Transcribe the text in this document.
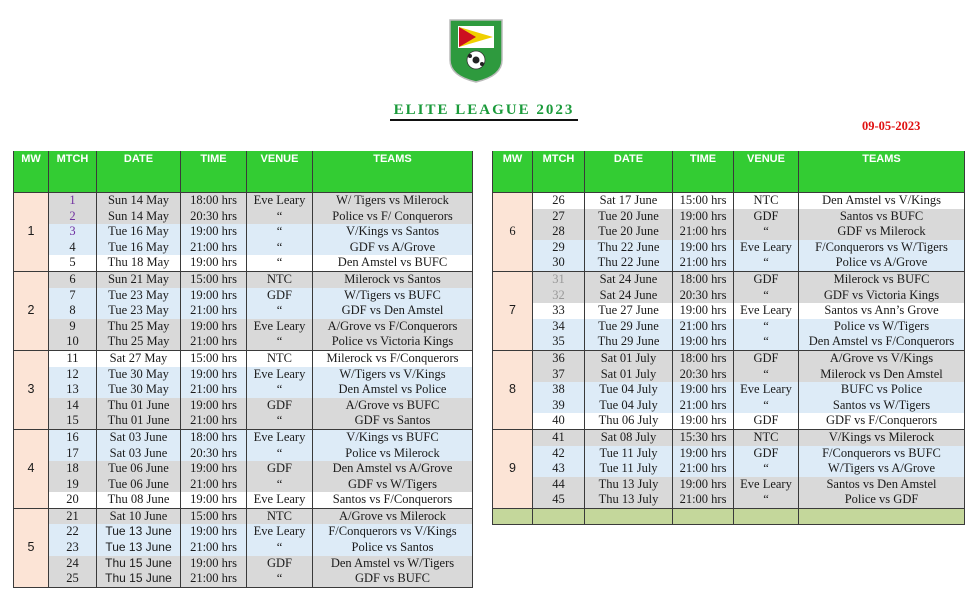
ELITE LEAGUE 2023
09-05-2023
MW	MTCH	DATE	TIME	VENUE	TEAMS
1	1	Sun 14 May	18:00 hrs	Eve Leary	W/ Tigers vs Milerock
	2	Sun 14 May	20:30 hrs	“	Police vs F/ Conquerors
	3	Tue 16 May	19:00 hrs	“	V/Kings vs Santos
	4	Tue 16 May	21:00 hrs	“	GDF vs A/Grove
	5	Thu 18 May	19:00 hrs	“	Den Amstel vs BUFC
2	6	Sun 21 May	15:00 hrs	NTC	Milerock vs Santos
	7	Tue 23 May	19:00 hrs	GDF	W/Tigers vs BUFC
	8	Tue 23 May	21:00 hrs	“	GDF vs Den Amstel
	9	Thu 25 May	19:00 hrs	Eve Leary	A/Grove vs F/Conquerors
	10	Thu 25 May	21:00 hrs	“	Police vs Victoria Kings
3	11	Sat 27 May	15:00 hrs	NTC	Milerock vs F/Conquerors
	12	Tue 30 May	19:00 hrs	Eve Leary	W/Tigers vs V/Kings
	13	Tue 30 May	21:00 hrs	“	Den Amstel vs Police
	14	Thu 01 June	19:00 hrs	GDF	A/Grove vs BUFC
	15	Thu 01 June	21:00 hrs	“	GDF vs Santos
4	16	Sat 03 June	18:00 hrs	Eve Leary	V/Kings vs BUFC
	17	Sat 03 June	20:30 hrs	“	Police vs Milerock
	18	Tue 06 June	19:00 hrs	GDF	Den Amstel vs A/Grove
	19	Tue 06 June	21:00 hrs	“	GDF vs W/Tigers
	20	Thu 08 June	19:00 hrs	Eve Leary	Santos vs F/Conquerors
5	21	Sat 10 June	15:00 hrs	NTC	A/Grove vs Milerock
	22	Tue 13 June	19:00 hrs	Eve Leary	F/Conquerors vs V/Kings
	23	Tue 13 June	21:00 hrs	“	Police vs Santos
	24	Thu 15 June	19:00 hrs	GDF	Den Amstel vs W/Tigers
	25	Thu 15 June	21:00 hrs	“	GDF vs BUFC
MW	MTCH	DATE	TIME	VENUE	TEAMS
6	26	Sat 17 June	15:00 hrs	NTC	Den Amstel vs V/Kings
	27	Tue 20 June	19:00 hrs	GDF	Santos vs BUFC
	28	Tue 20 June	21:00 hrs	“	GDF vs Milerock
	29	Thu 22 June	19:00 hrs	Eve Leary	F/Conquerors vs W/Tigers
	30	Thu 22 June	21:00 hrs	“	Police vs A/Grove
7	31	Sat 24 June	18:00 hrs	GDF	Milerock vs BUFC
	32	Sat 24 June	20:30 hrs	“	GDF vs Victoria Kings
	33	Tue 27 June	19:00 hrs	Eve Leary	Santos vs Ann’s Grove
	34	Tue 29 June	21:00 hrs	“	Police vs W/Tigers
	35	Thu 29 June	19:00 hrs	“	Den Amstel vs F/Conquerors
8	36	Sat 01 July	18:00 hrs	GDF	A/Grove vs V/Kings
	37	Sat 01 July	20:30 hrs	“	Milerock vs Den Amstel
	38	Tue 04 July	19:00 hrs	Eve Leary	BUFC vs Police
	39	Tue 04 July	21:00 hrs	“	Santos vs W/Tigers
	40	Thu 06 July	19:00 hrs	GDF	GDF vs F/Conquerors
9	41	Sat 08 July	15:30 hrs	NTC	V/Kings vs Milerock
	42	Tue 11 July	19:00 hrs	GDF	F/Conquerors vs BUFC
	43	Tue 11 July	21:00 hrs	“	W/Tigers vs A/Grove
	44	Thu 13 July	19:00 hrs	Eve Leary	Santos vs Den Amstel
	45	Thu 13 July	21:00 hrs	“	Police vs GDF
